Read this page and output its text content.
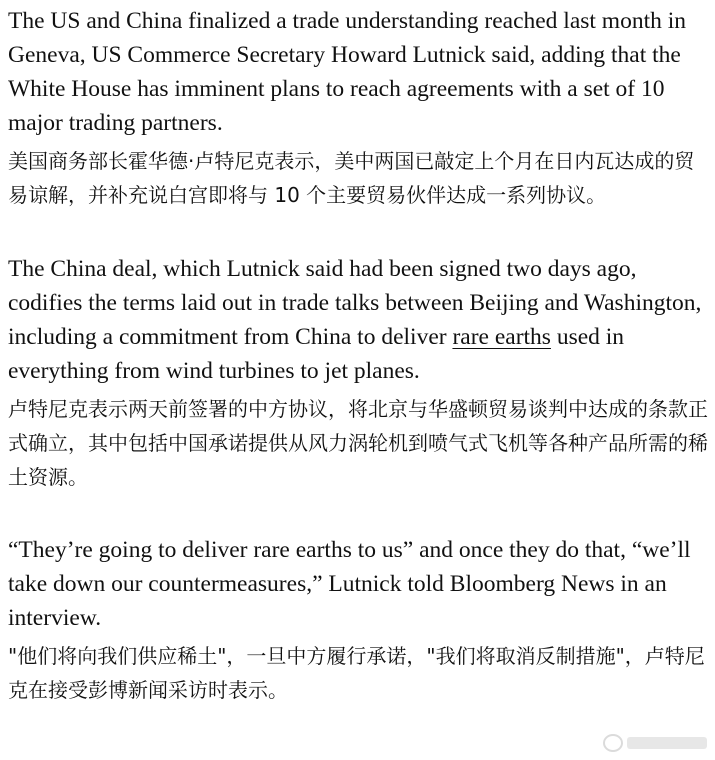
The US and China finalized a trade understanding reached last month in Geneva, US Commerce Secretary Howard Lutnick said, adding that the White House has imminent plans to reach agreements with a set of 10 major trading partners.

美国商务部长霍华德·卢特尼克表示，美中两国已敲定上个月在日内瓦达成的贸易谅解，并补充说白宫即将与 10 个主要贸易伙伴达成一系列协议。

The China deal, which Lutnick said had been signed two days ago, codifies the terms laid out in trade talks between Beijing and Washington, including a commitment from China to deliver rare earths used in everything from wind turbines to jet planes.

卢特尼克表示两天前签署的中方协议，将北京与华盛顿贸易谈判中达成的条款正式确立，其中包括中国承诺提供从风力涡轮机到喷气式飞机等各种产品所需的稀土资源。

“They’re going to deliver rare earths to us” and once they do that, “we’ll take down our countermeasures,” Lutnick told Bloomberg News in an interview.

"他们将向我们供应稀土"，一旦中方履行承诺，"我们将取消反制措施"，卢特尼克在接受彭博新闻采访时表示。
